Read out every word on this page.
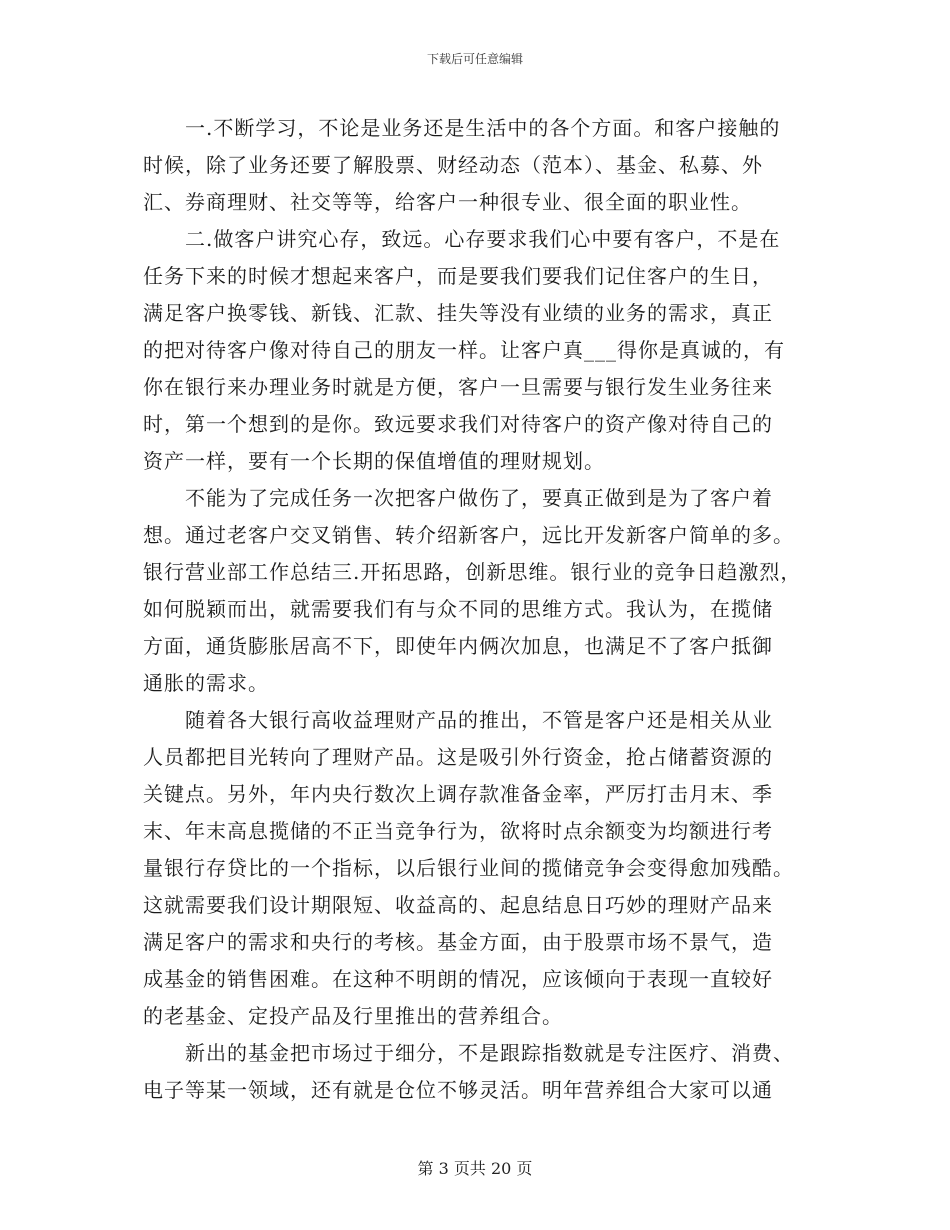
下载后可任意编辑
一.不断学习，不论是业务还是生活中的各个方面。和客户接触的
时候，除了业务还要了解股票、财经动态（范本）、基金、私募、外
汇、券商理财、社交等等，给客户一种很专业、很全面的职业性。
二.做客户讲究心存，致远。心存要求我们心中要有客户，不是在
任务下来的时候才想起来客户，而是要我们要我们记住客户的生日，
满足客户换零钱、新钱、汇款、挂失等没有业绩的业务的需求，真正
的把对待客户像对待自己的朋友一样。让客户真___得你是真诚的，有
你在银行来办理业务时就是方便，客户一旦需要与银行发生业务往来
时，第一个想到的是你。致远要求我们对待客户的资产像对待自己的
资产一样，要有一个长期的保值增值的理财规划。
不能为了完成任务一次把客户做伤了，要真正做到是为了客户着
想。通过老客户交叉销售、转介绍新客户，远比开发新客户简单的多。
银行营业部工作总结三.开拓思路，创新思维。银行业的竞争日趋激烈，
如何脱颖而出，就需要我们有与众不同的思维方式。我认为，在揽储
方面，通货膨胀居高不下，即使年内俩次加息，也满足不了客户抵御
通胀的需求。
随着各大银行高收益理财产品的推出，不管是客户还是相关从业
人员都把目光转向了理财产品。这是吸引外行资金，抢占储蓄资源的
关键点。另外，年内央行数次上调存款准备金率，严厉打击月末、季
末、年末高息揽储的不正当竞争行为，欲将时点余额变为均额进行考
量银行存贷比的一个指标，以后银行业间的揽储竞争会变得愈加残酷。
这就需要我们设计期限短、收益高的、起息结息日巧妙的理财产品来
满足客户的需求和央行的考核。基金方面，由于股票市场不景气，造
成基金的销售困难。在这种不明朗的情况，应该倾向于表现一直较好
的老基金、定投产品及行里推出的营养组合。
新出的基金把市场过于细分，不是跟踪指数就是专注医疗、消费、
电子等某一领域，还有就是仓位不够灵活。明年营养组合大家可以通
第 3 页共 20 页
